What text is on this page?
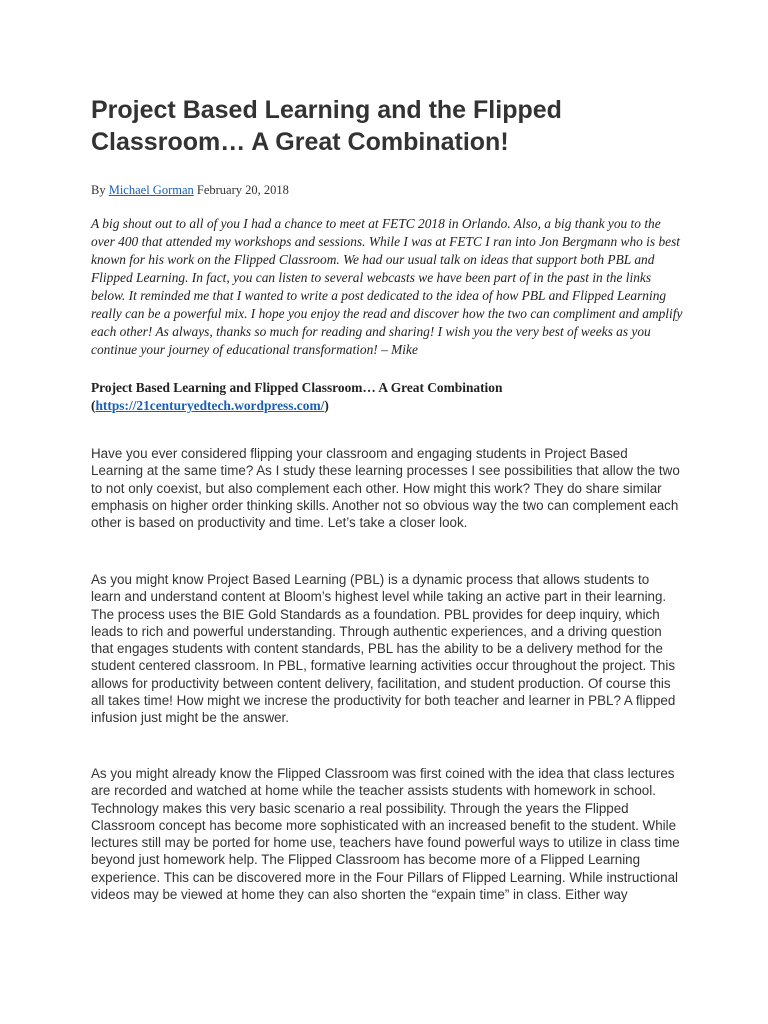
Project Based Learning and the Flipped Classroom… A Great Combination!
By Michael Gorman February 20, 2018

A big shout out to all of you I had a chance to meet at FETC 2018 in Orlando. Also, a big thank you to the over 400 that attended my workshops and sessions. While I was at FETC I ran into Jon Bergmann who is best known for his work on the Flipped Classroom. We had our usual talk on ideas that support both PBL and Flipped Learning. In fact, you can listen to several webcasts we have been part of in the past in the links below. It reminded me that I wanted to write a post dedicated to the idea of how PBL and Flipped Learning really can be a powerful mix. I hope you enjoy the read and discover how the two can compliment and amplify each other! As always, thanks so much for reading and sharing! I wish you the very best of weeks as you continue your journey of educational transformation! – Mike

Project Based Learning and Flipped Classroom… A Great Combination
(https://21centuryedtech.wordpress.com/)

Have you ever considered flipping your classroom and engaging students in Project Based Learning at the same time? As I study these learning processes I see possibilities that allow the two to not only coexist, but also complement each other. How might this work? They do share similar emphasis on higher order thinking skills. Another not so obvious way the two can complement each other is based on productivity and time. Let’s take a closer look.

As you might know Project Based Learning (PBL) is a dynamic process that allows students to learn and understand content at Bloom’s highest level while taking an active part in their learning. The process uses the BIE Gold Standards as a foundation. PBL provides for deep inquiry, which leads to rich and powerful understanding. Through authentic experiences, and a driving question that engages students with content standards, PBL has the ability to be a delivery method for the student centered classroom. In PBL, formative learning activities occur throughout the project. This allows for productivity between content delivery, facilitation, and student production. Of course this all takes time! How might we increse the productivity for both teacher and learner in PBL? A flipped infusion just might be the answer.

As you might already know the Flipped Classroom was first coined with the idea that class lectures are recorded and watched at home while the teacher assists students with homework in school. Technology makes this very basic scenario a real possibility. Through the years the Flipped Classroom concept has become more sophisticated with an increased benefit to the student. While lectures still may be ported for home use, teachers have found powerful ways to utilize in class time beyond just homework help. The Flipped Classroom has become more of a Flipped Learning experience. This can be discovered more in the Four Pillars of Flipped Learning. While instructional videos may be viewed at home they can also shorten the “expain time” in class. Either way
